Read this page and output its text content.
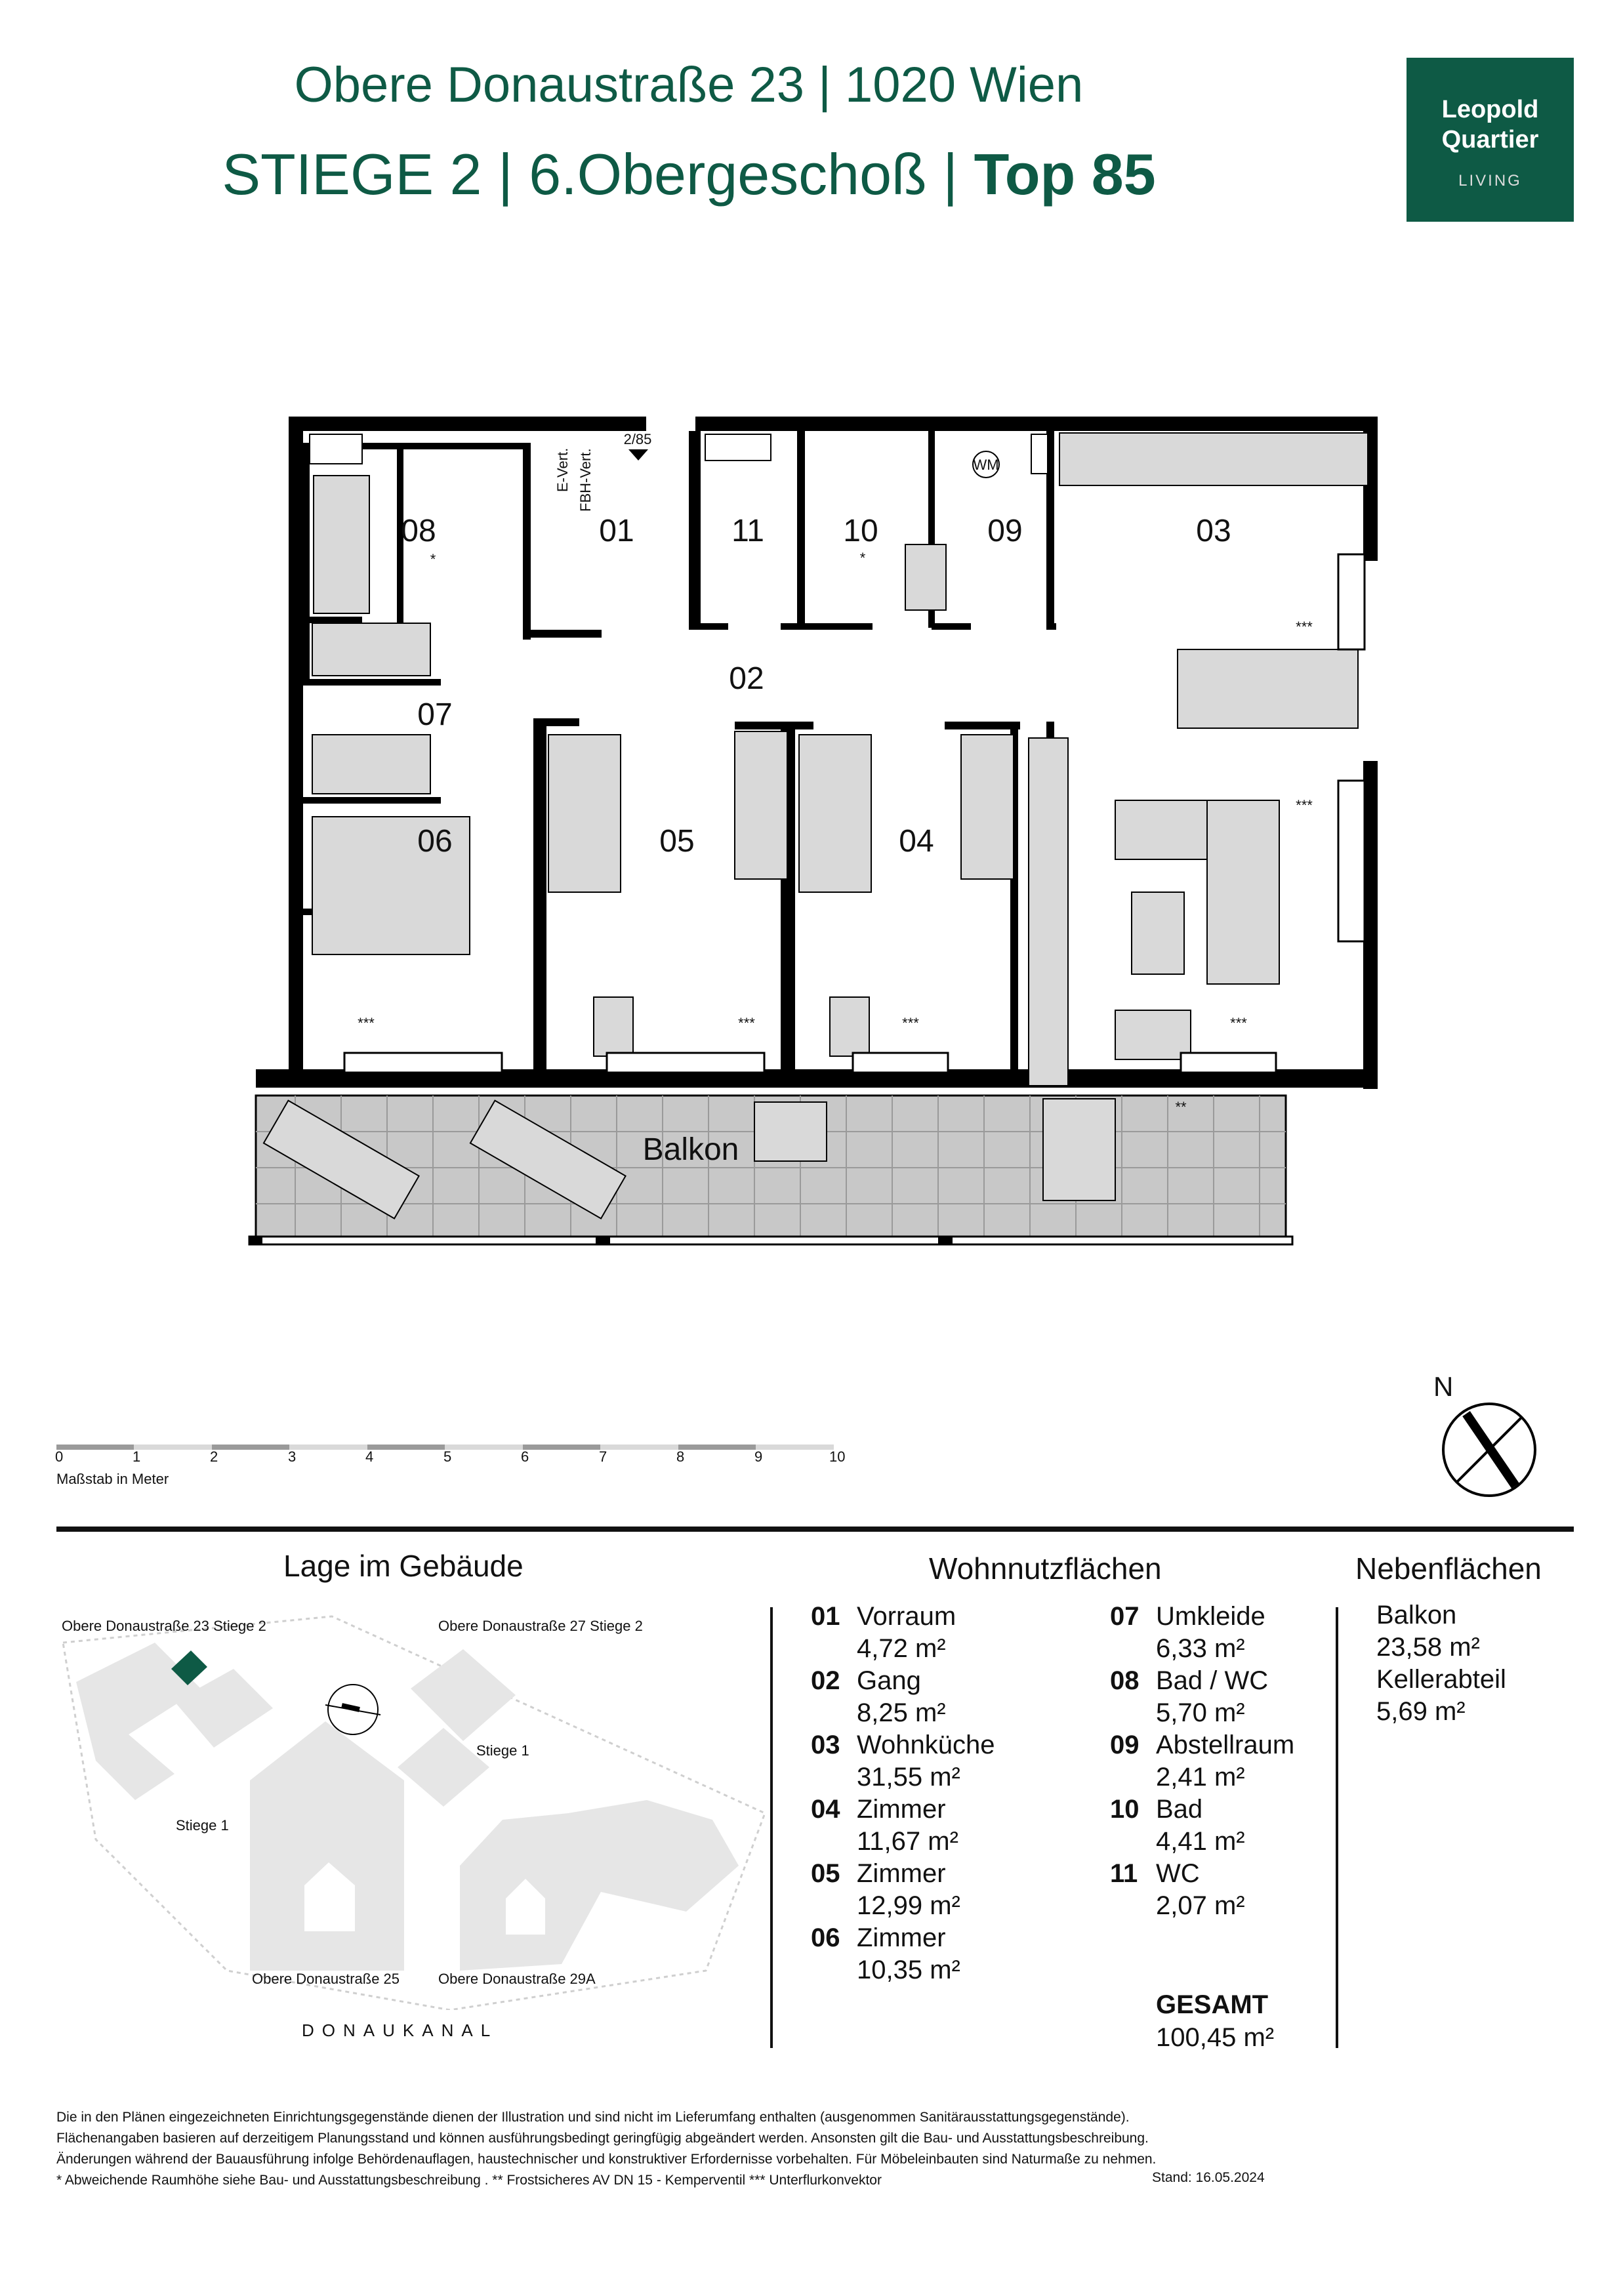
Obere Donaustraße 23 | 1020 Wien
STIEGE 2 | 6.Obergeschoß | Top 85
Leopold
Quartier
LIVING
08
*
01	11	10
*
09	03
02
07
06	05	04
Balkon
2/85
E-Vert. FBH-Vert.	WM
***
***
***	***	***	***
**
0	1	2	3	4	5	6	7	8	9	10
Maßstab in Meter
N
Lage im Gebäude
Obere Donaustraße 23 Stiege 2	Obere Donaustraße 27 Stiege 2
Stiege 1
Stiege 1
Obere Donaustraße 25	Obere Donaustraße 29A
DONAUKANAL
Wohnnutzflächen
01 Vorraum
4,72 m²
02 Gang
8,25 m²
03 Wohnküche
31,55 m²
04 Zimmer
11,67 m²
05 Zimmer
12,99 m²
06 Zimmer
10,35 m²
07 Umkleide
6,33 m²
08 Bad / WC
5,70 m²
09 Abstellraum
2,41 m²
10 Bad
4,41 m²
11 WC
2,07 m²
GESAMT
100,45 m²
Nebenflächen
Balkon
23,58 m²
Kellerabteil
5,69 m²
Die in den Plänen eingezeichneten Einrichtungsgegenstände dienen der Illustration und sind nicht im Lieferumfang enthalten (ausgenommen Sanitärausstattungsgegenstände).
Flächenangaben basieren auf derzeitigem Planungsstand und können ausführungsbedingt geringfügig abgeändert werden. Ansonsten gilt die Bau- und Ausstattungsbeschreibung.
Änderungen während der Bauausführung infolge Behördenauflagen, haustechnischer und konstruktiver Erfordernisse vorbehalten. Für Möbeleinbauten sind Naturmaße zu nehmen.
* Abweichende Raumhöhe siehe Bau- und Ausstattungsbeschreibung . ** Frostsicheres AV DN 15 - Kemperventil *** Unterflurkonvektor	Stand: 16.05.2024
